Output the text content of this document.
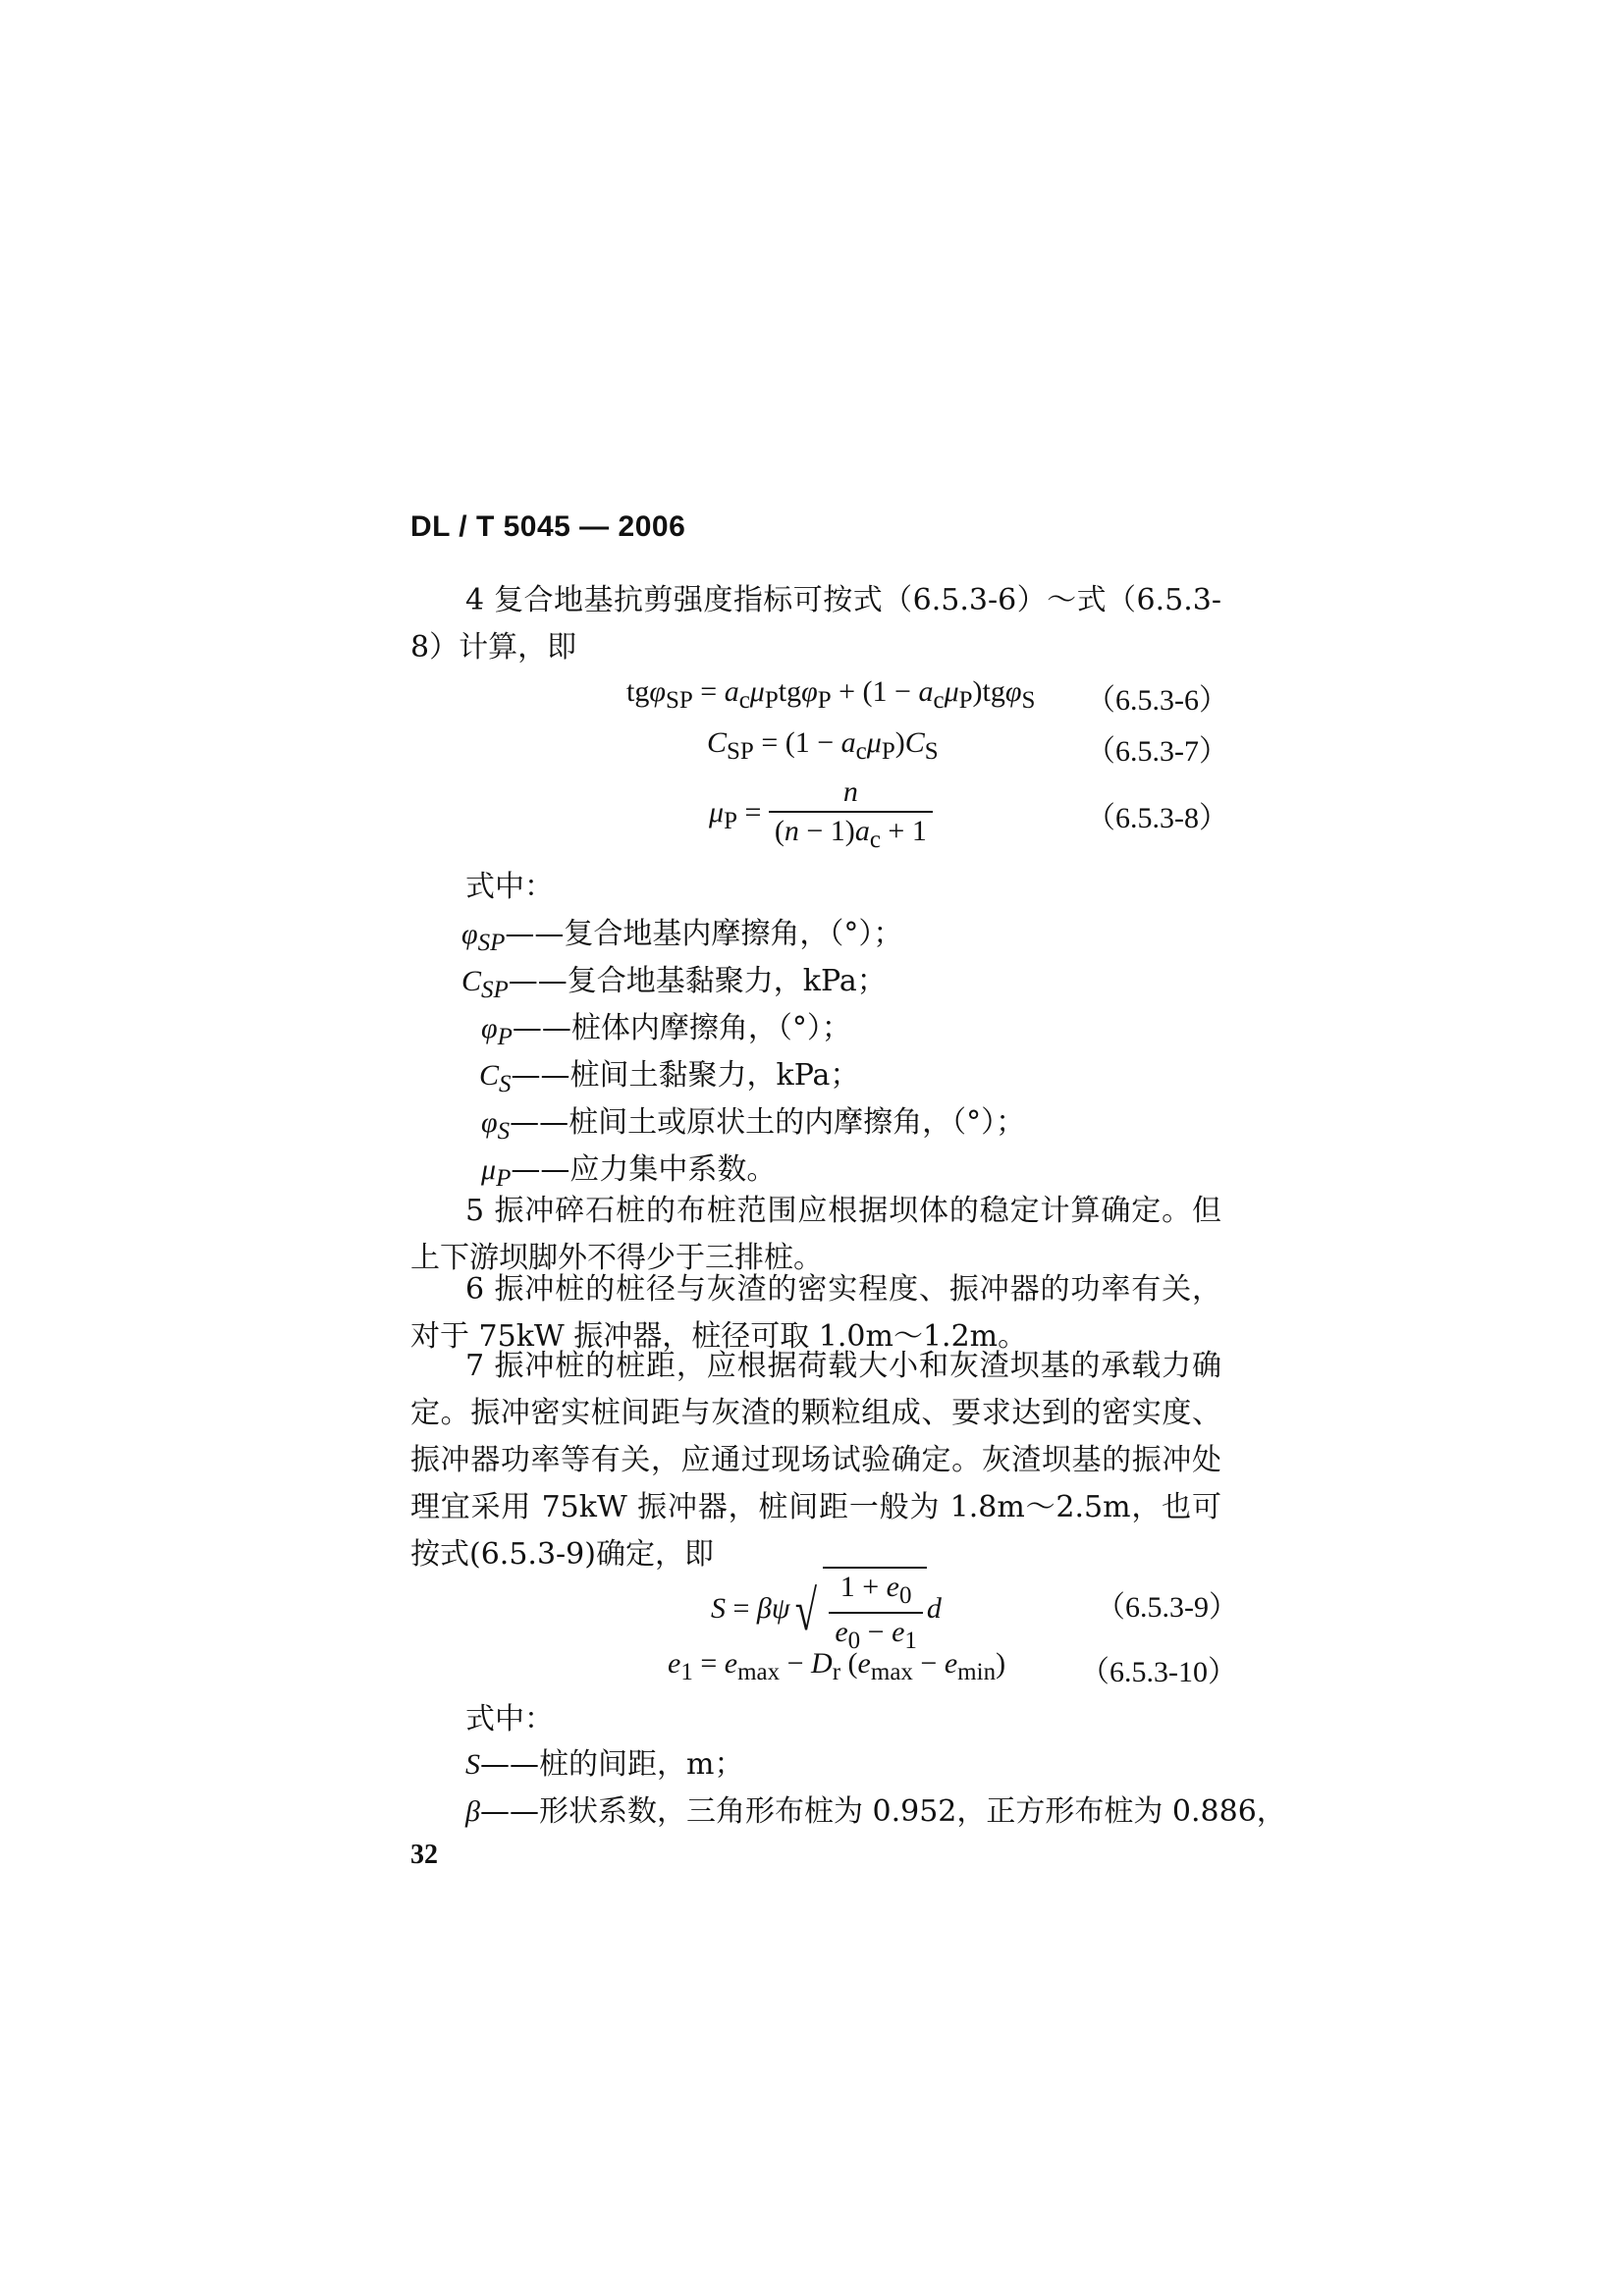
DL / T 5045 — 2006
4 复合地基抗剪强度指标可按式（6.5.3-6）～式（6.5.3-8）计算，即
$tg\varphi_{SP} = a_c\mu_Ptg\varphi_P + (1 - a_c\mu_P)tg\varphi_S$ （6.5.3-6）
$C_{SP} = (1 - a_c\mu_P)C_S$	（6.5.3-7）
$\mu_P = \frac{n}{(n - 1)a_c + 1}$	（6.5.3-8）
式中：
$\varphi_{SP}——$复合地基内摩擦角，（°）；
$C_{SP}——$复合地基黏聚力，kPa；
$\varphi_P——$桩体内摩擦角，（°）；
$C_S——$桩间土黏聚力，kPa；
$\varphi_S——$桩间土或原状土的内摩擦角，（°）；
$\mu_P——$应力集中系数。
5 振冲碎石桩的布桩范围应根据坝体的稳定计算确定。但上下游坝脚外不得少于三排桩。
6 振冲桩的桩径与灰渣的密实程度、振冲器的功率有关，对于 75kW 振冲器，桩径可取 1.0m～1.2m。
7 振冲桩的桩距，应根据荷载大小和灰渣坝基的承载力确定。振冲密实桩间距与灰渣的颗粒组成、要求达到的密实度、振冲器功率等有关，应通过现场试验确定。灰渣坝基的振冲处理宜采用 75kW 振冲器，桩间距一般为 1.8m～2.5m，也可按式(6.5.3-9)确定，即
$S = \beta\psi√ \frac{1 + e_0}{e_0 - e_1}$ d	（6.5.3-9）
$e_1 = e_{max} - D_r$ $(e_{max} - e_{min})$	（6.5.3-10）
式中：
S——桩的间距，m；
β——形状系数，三角形布桩为 0.952，正方形布桩为 0.886，
32
